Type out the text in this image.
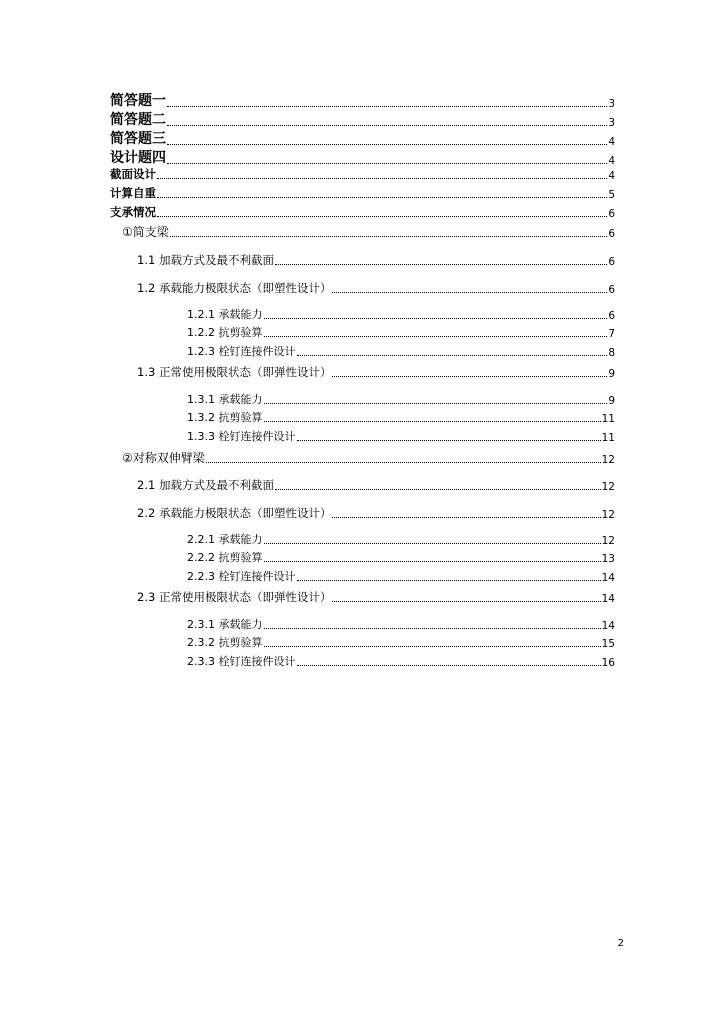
简答题一	3
简答题二	3
简答题三	4
设计题四	4
截面设计	4
计算自重	5
支承情况	6
①简支梁	6
1.1 加载方式及最不利截面	6
1.2 承载能力极限状态（即塑性设计）	6
1.2.1 承载能力	6
1.2.2 抗剪验算	7
1.2.3 栓钉连接件设计	8
1.3 正常使用极限状态（即弹性设计）	9
1.3.1 承载能力	9
1.3.2 抗剪验算	11
1.3.3 栓钉连接件设计	11
②对称双伸臂梁	12
2.1 加载方式及最不利截面	12
2.2 承载能力极限状态（即塑性设计）	12
2.2.1 承载能力	12
2.2.2 抗剪验算	13
2.2.3 栓钉连接件设计	14
2.3 正常使用极限状态（即弹性设计）	14
2.3.1 承载能力	14
2.3.2 抗剪验算	15
2.3.3 栓钉连接件设计	16
2
